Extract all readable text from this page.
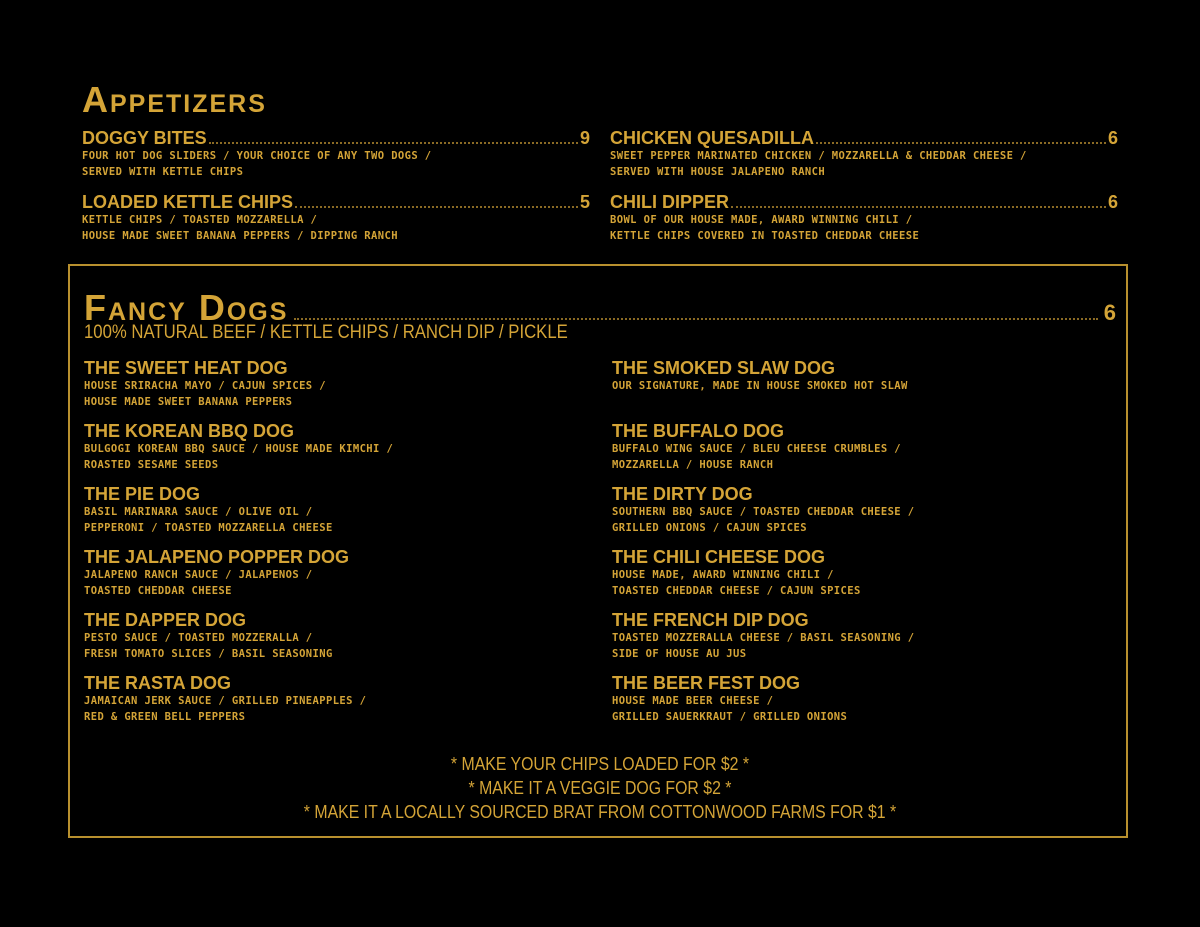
Appetizers
DOGGY BITES	9
FOUR HOT DOG SLIDERS / YOUR CHOICE OF ANY TWO DOGS /
SERVED WITH KETTLE CHIPS
CHICKEN QUESADILLA	6
SWEET PEPPER MARINATED CHICKEN / MOZZARELLA & CHEDDAR CHEESE /
SERVED WITH HOUSE JALAPENO RANCH
LOADED KETTLE CHIPS	5
KETTLE CHIPS / TOASTED MOZZARELLA /
HOUSE MADE SWEET BANANA PEPPERS / DIPPING RANCH
CHILI DIPPER	6
BOWL OF OUR HOUSE MADE, AWARD WINNING CHILI /
KETTLE CHIPS COVERED IN TOASTED CHEDDAR CHEESE
Fancy Dogs	6
100% NATURAL BEEF / KETTLE CHIPS / RANCH DIP / PICKLE
THE SWEET HEAT DOG
HOUSE SRIRACHA MAYO / CAJUN SPICES /
HOUSE MADE SWEET BANANA PEPPERS
THE SMOKED SLAW DOG
OUR SIGNATURE, MADE IN HOUSE SMOKED HOT SLAW
THE KOREAN BBQ DOG
BULGOGI KOREAN BBQ SAUCE / HOUSE MADE KIMCHI /
ROASTED SESAME SEEDS
THE BUFFALO DOG
BUFFALO WING SAUCE / BLEU CHEESE CRUMBLES /
MOZZARELLA / HOUSE RANCH
THE PIE DOG
BASIL MARINARA SAUCE / OLIVE OIL /
PEPPERONI / TOASTED MOZZARELLA CHEESE
THE DIRTY DOG
SOUTHERN BBQ SAUCE / TOASTED CHEDDAR CHEESE /
GRILLED ONIONS / CAJUN SPICES
THE JALAPENO POPPER DOG
JALAPENO RANCH SAUCE / JALAPENOS /
TOASTED CHEDDAR CHEESE
THE CHILI CHEESE DOG
HOUSE MADE, AWARD WINNING CHILI /
TOASTED CHEDDAR CHEESE / CAJUN SPICES
THE DAPPER DOG
PESTO SAUCE / TOASTED MOZZERALLA /
FRESH TOMATO SLICES / BASIL SEASONING
THE FRENCH DIP DOG
TOASTED MOZZERALLA CHEESE / BASIL SEASONING /
SIDE OF HOUSE AU JUS
THE RASTA DOG
JAMAICAN JERK SAUCE / GRILLED PINEAPPLES /
RED & GREEN BELL PEPPERS
THE BEER FEST DOG
HOUSE MADE BEER CHEESE /
GRILLED SAUERKRAUT / GRILLED ONIONS
* MAKE YOUR CHIPS LOADED FOR $2 *
* MAKE IT A VEGGIE DOG FOR $2 *
* MAKE IT A LOCALLY SOURCED BRAT FROM COTTONWOOD FARMS FOR $1 *
